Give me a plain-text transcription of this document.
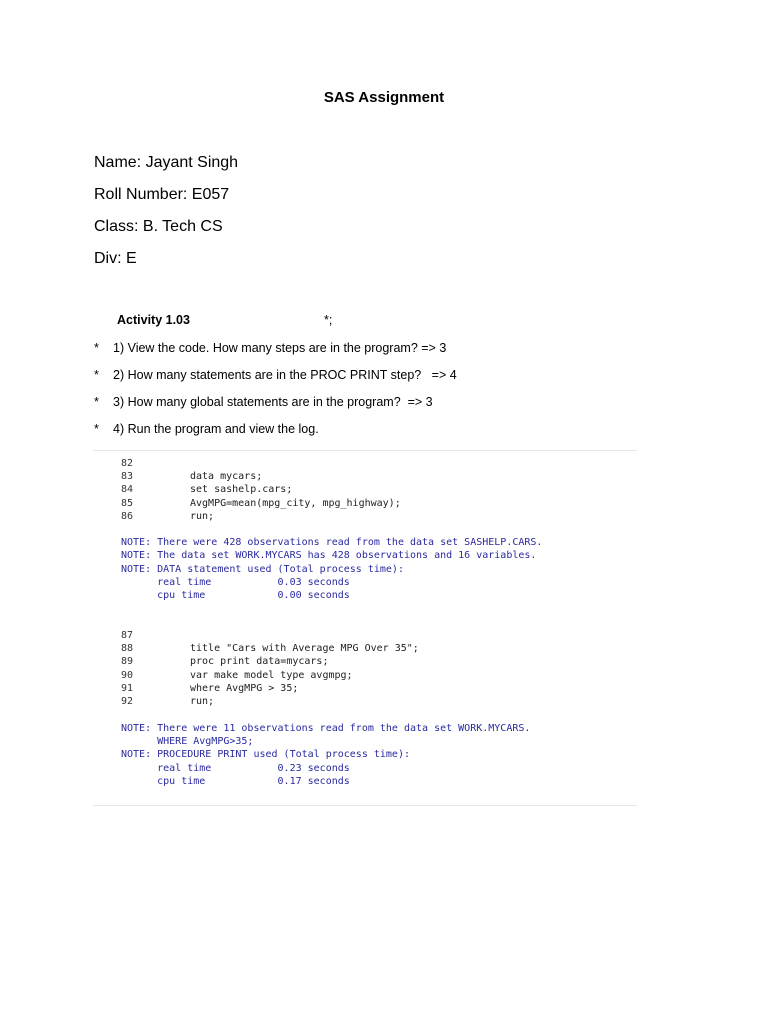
SAS Assignment
Name: Jayant Singh
Roll Number: E057
Class: B. Tech CS
Div: E
Activity 1.03	*;
* 1) View the code. How many steps are in the program? => 3
* 2) How many statements are in the PROC PRINT step?   => 4
* 3) How many global statements are in the program?  => 3
* 4) Run the program and view the log.
82
83	data mycars;
84	set sashelp.cars;
85	AvgMPG=mean(mpg_city, mpg_highway);
86	run;
NOTE: There were 428 observations read from the data set SASHELP.CARS.
NOTE: The data set WORK.MYCARS has 428 observations and 16 variables.
NOTE: DATA statement used (Total process time):
real time           0.03 seconds
cpu time            0.00 seconds
87
88	title "Cars with Average MPG Over 35";
89	proc print data=mycars;
90	var make model type avgmpg;
91	where AvgMPG > 35;
92	run;
NOTE: There were 11 observations read from the data set WORK.MYCARS.
WHERE AvgMPG>35;
NOTE: PROCEDURE PRINT used (Total process time):
real time           0.23 seconds
cpu time            0.17 seconds
